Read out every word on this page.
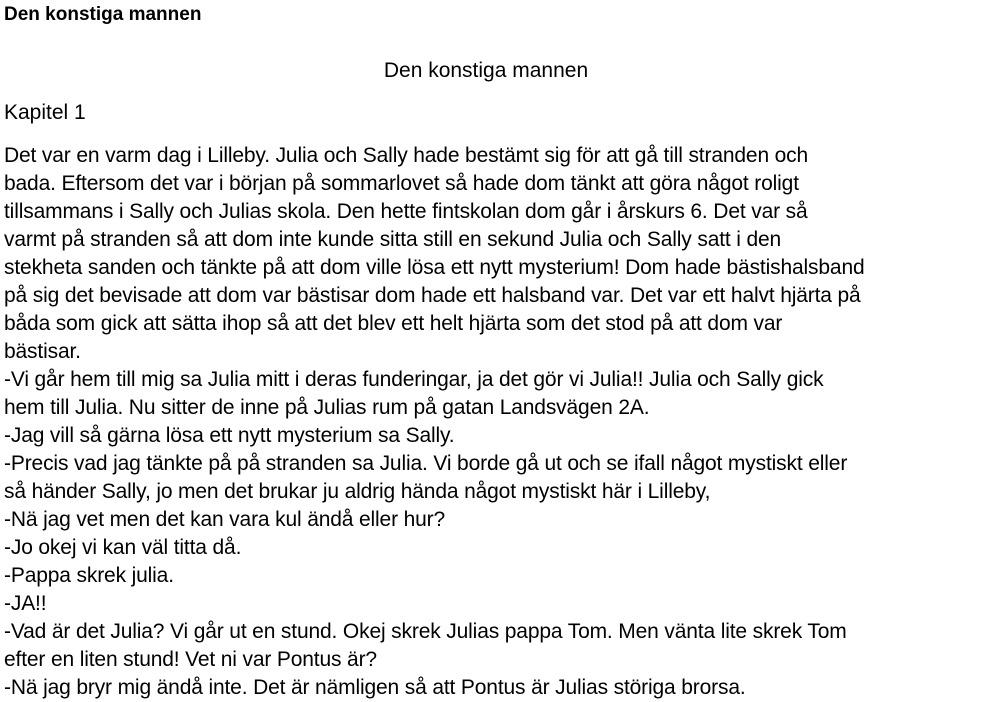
Den konstiga mannen
Den konstiga mannen
Kapitel 1
Det var en varm dag i Lilleby. Julia och Sally hade bestämt sig för att gå till stranden och
bada. Eftersom det var i början på sommarlovet så hade dom tänkt att göra något roligt
tillsammans i Sally och Julias skola. Den hette fintskolan dom går i årskurs 6. Det var så
varmt på stranden så att dom inte kunde sitta still en sekund Julia och Sally satt i den
stekheta sanden och tänkte på att dom ville lösa ett nytt mysterium! Dom hade bästishalsband
på sig det bevisade att dom var bästisar dom hade ett halsband var. Det var ett halvt hjärta på
båda som gick att sätta ihop så att det blev ett helt hjärta som det stod på att dom var
bästisar.
-Vi går hem till mig sa Julia mitt i deras funderingar, ja det gör vi Julia!! Julia och Sally gick
hem till Julia. Nu sitter de inne på Julias rum på gatan Landsvägen 2A.
-Jag vill så gärna lösa ett nytt mysterium sa Sally.
-Precis vad jag tänkte på på stranden sa Julia. Vi borde gå ut och se ifall något mystiskt eller
så händer Sally, jo men det brukar ju aldrig hända något mystiskt här i Lilleby,
-Nä jag vet men det kan vara kul ändå eller hur?
-Jo okej vi kan väl titta då.
-Pappa skrek julia.
-JA!!
-Vad är det Julia? Vi går ut en stund. Okej skrek Julias pappa Tom. Men vänta lite skrek Tom
efter en liten stund! Vet ni var Pontus är?
-Nä jag bryr mig ändå inte. Det är nämligen så att Pontus är Julias störiga brorsa.
